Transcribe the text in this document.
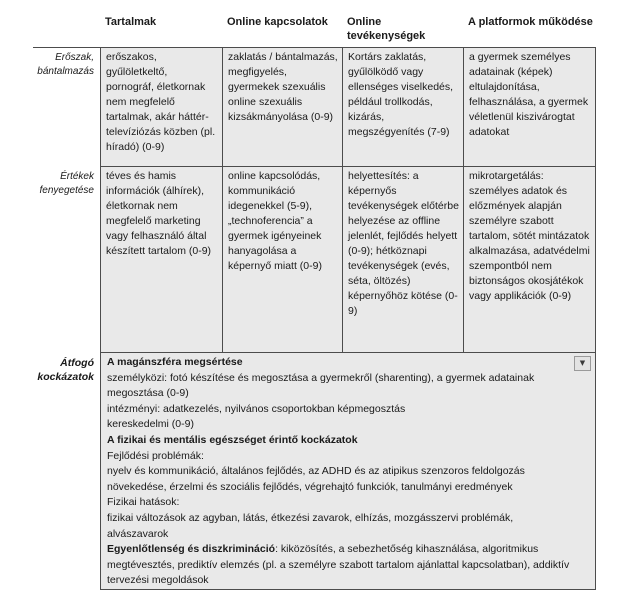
Tartalmak	Online kapcsolatok	Online tevékenységek
A platformok működése
Erőszak, bántalmazás
erőszakos, gyűlöletkeltő, pornográf, életkornak nem megfelelő tartalmak, akár háttér-televíziózás közben (pl. híradó) (0-9)
zaklatás / bántalmazás, megfigyelés, gyermekek szexuális online szexuális kizsákmányolása (0-9)
Kortárs zaklatás, gyűlölködő vagy ellenséges viselkedés, például trollkodás, kizárás, megszégyenítés (7-9)
a gyermek személyes adatainak (képek) eltulajdonítása, felhasználása, a gyermek véletlenül kiszivárogtat adatokat
Értékek fenyegetése
téves és hamis információk (álhírek), életkornak nem megfelelő marketing vagy felhasználó által készített tartalom (0-9)
online kapcsolódás, kommunikáció idegenekkel (5-9), „technoferencia” a gyermek igényeinek hanyagolása a képernyő miatt (0-9)
helyettesítés: a képernyős tevékenységek előtérbe helyezése az offline jelenlét, fejlődés helyett (0-9); hétköznapi tevékenységek (evés, séta, öltözés) képernyőhöz kötése (0-9)
mikrotargetálás: személyes adatok és előzmények alapján személyre szabott tartalom, sötét mintázatok alkalmazása, adatvédelmi szempontból nem biztonságos okosjátékok vagy applikációk (0-9)
Átfogó kockázatok
▼

A magánszféra megsértése

személyközi: fotó készítése és megosztása a gyermekről (sharenting), a gyermek adatainak megosztása (0-9)

intézményi: adatkezelés, nyilvános csoportokban képmegosztás

kereskedelmi (0-9)

A fizikai és mentális egészséget érintő kockázatok

Fejlődési problémák:

nyelv és kommunikáció, általános fejlődés, az ADHD és az atipikus szenzoros feldolgozás növekedése, érzelmi és szociális fejlődés, végrehajtó funkciók, tanulmányi eredmények

Fizikai hatások:

fizikai változások az agyban, látás, étkezési zavarok, elhízás, mozgásszervi problémák, alvászavarok

Egyenlőtlenség és diszkrimináció: kiközösítés, a sebezhetőség kihasználása, algoritmikus megtévesztés, prediktív elemzés (pl. a személyre szabott tartalom ajánlattal kapcsolatban), addiktív tervezési megoldások
